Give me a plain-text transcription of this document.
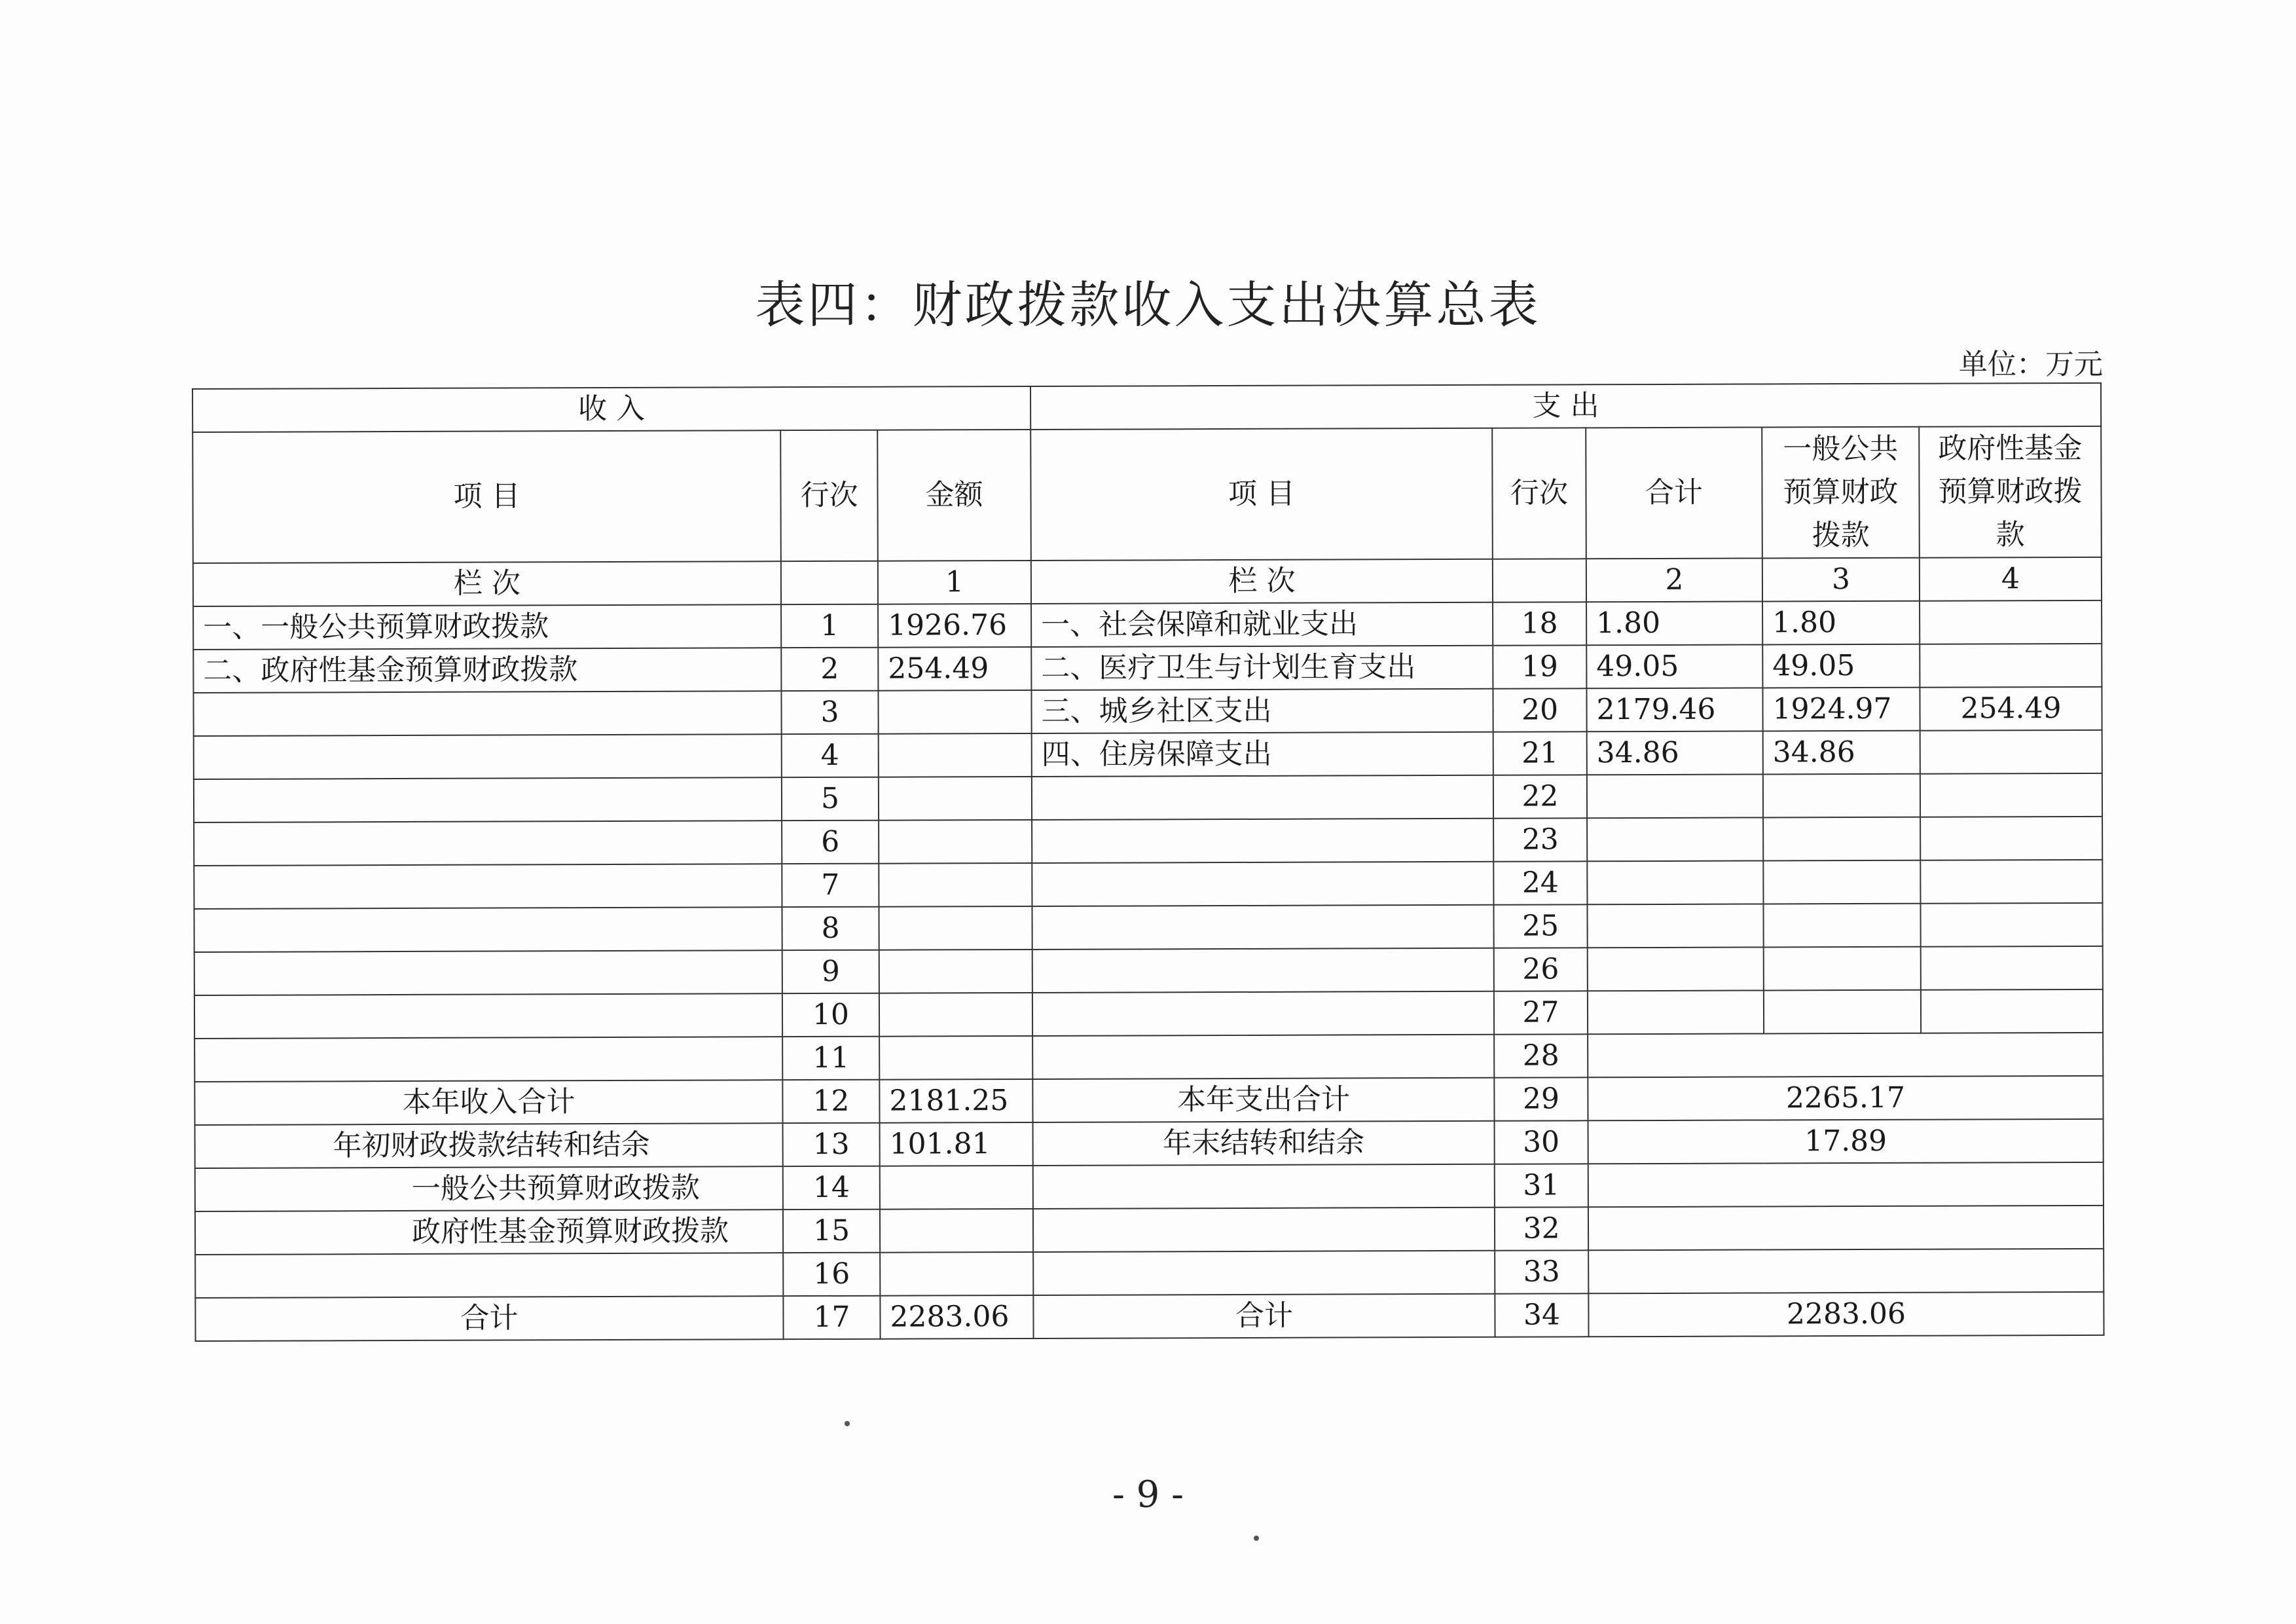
表四：财政拨款收入支出决算总表
单位：万元
收 入			支 出				
项 目	行次	金额	项 目	行次	合计	一般公共预算财政拨款	政府性基金预算财政拨款
栏 次		1	栏 次		2	3	4
一、一般公共预算财政拨款	1	1926.76	一、社会保障和就业支出	18	1.80	1.80	
二、政府性基金预算财政拨款	2	254.49	二、医疗卫生与计划生育支出	19	49.05	49.05	
	3		三、城乡社区支出	20	2179.46	1924.97	254.49
	4		四、住房保障支出	21	34.86	34.86	
	5			22			
	6			23			
	7			24			
	8			25			
	9			26			
	10			27			
	11			28			
本年收入合计	12	2181.25	本年支出合计	29	2265.17		
年初财政拨款结转和结余	13	101.81	年末结转和结余	30	17.89		
一般公共预算财政拨款	14			31			
政府性基金预算财政拨款	15			32			
	16			33			
合计	17	2283.06	合计	34	2283.06		
- 9 -
